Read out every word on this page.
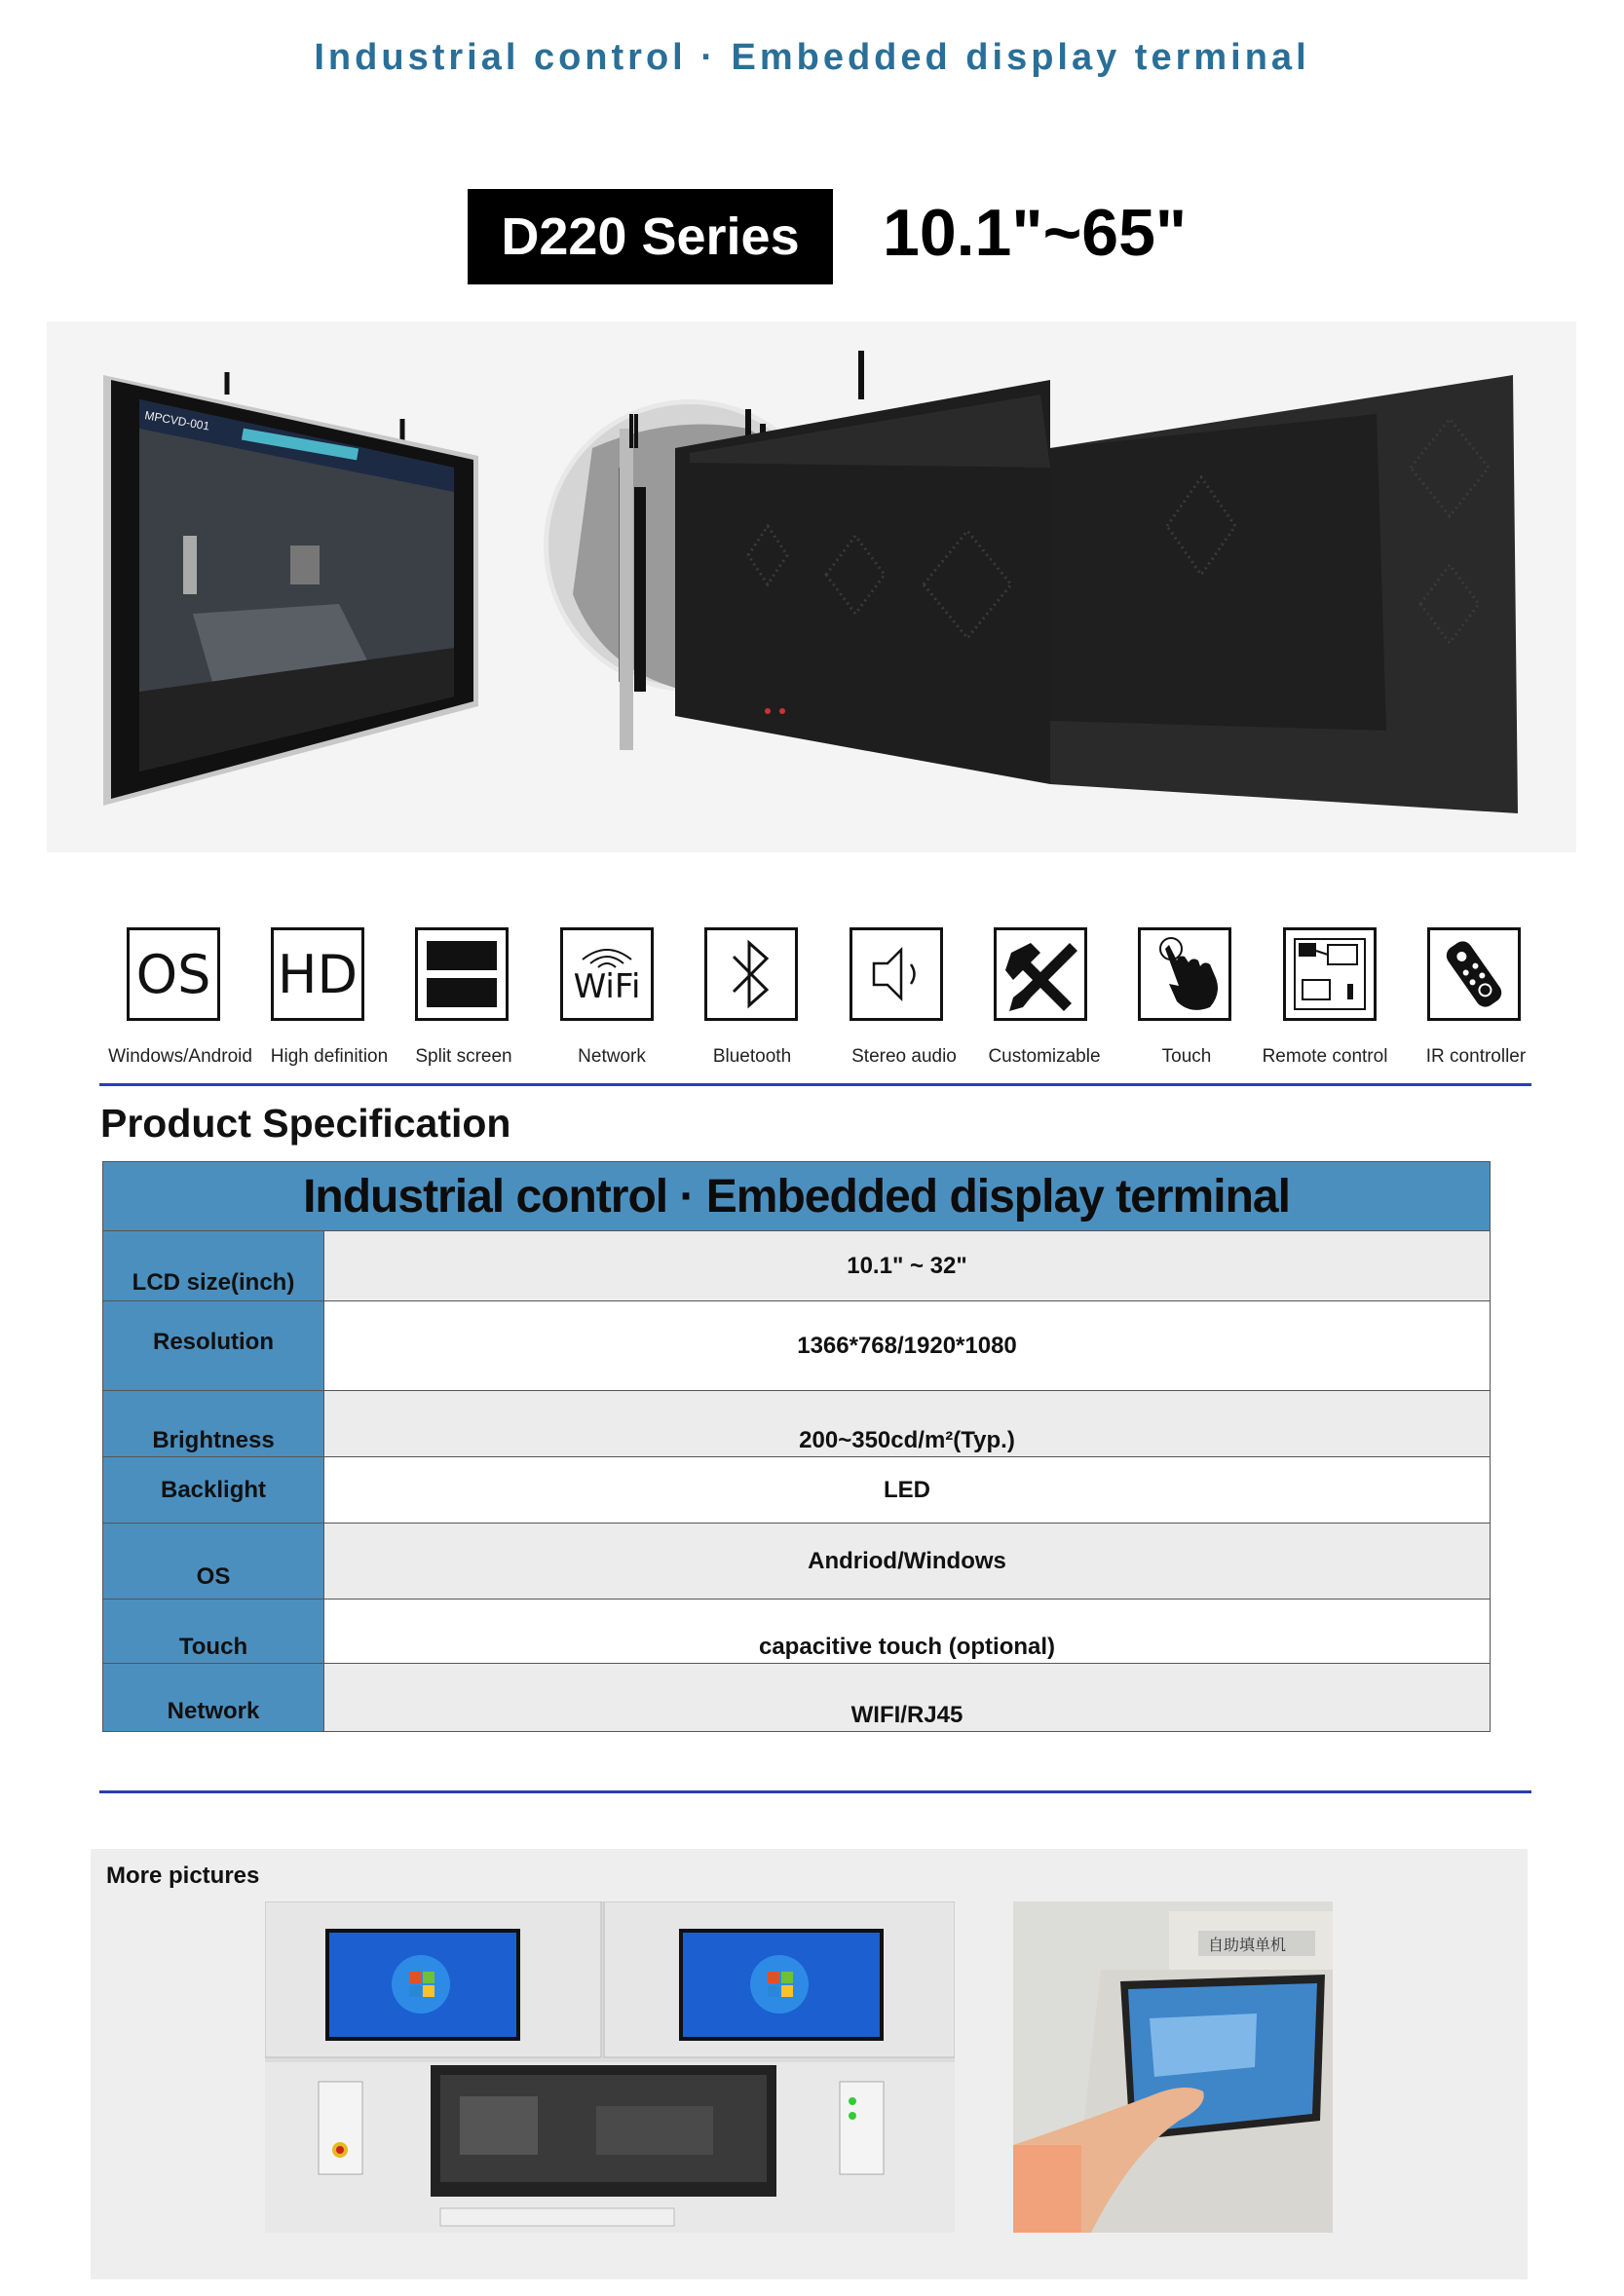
Industrial control · Embedded display terminal
D220 Series	10.1"~65"
MPCVD-001
OS HD	WiFi
Windows/Android High definition	Split screen	Network	Bluetooth	Stereo audio	Customizable	Touch	Remote control	IR controller
Product Specification
Industrial control · Embedded display terminal	
LCD size(inch)	10.1" ~ 32"
Resolution	1366*768/1920*1080
Brightness	200~350cd/m²(Typ.)
Backlight	LED
OS	Andriod/Windows
Touch	capacitive touch (optional)
Network	WIFI/RJ45
More pictures
自助填单机
